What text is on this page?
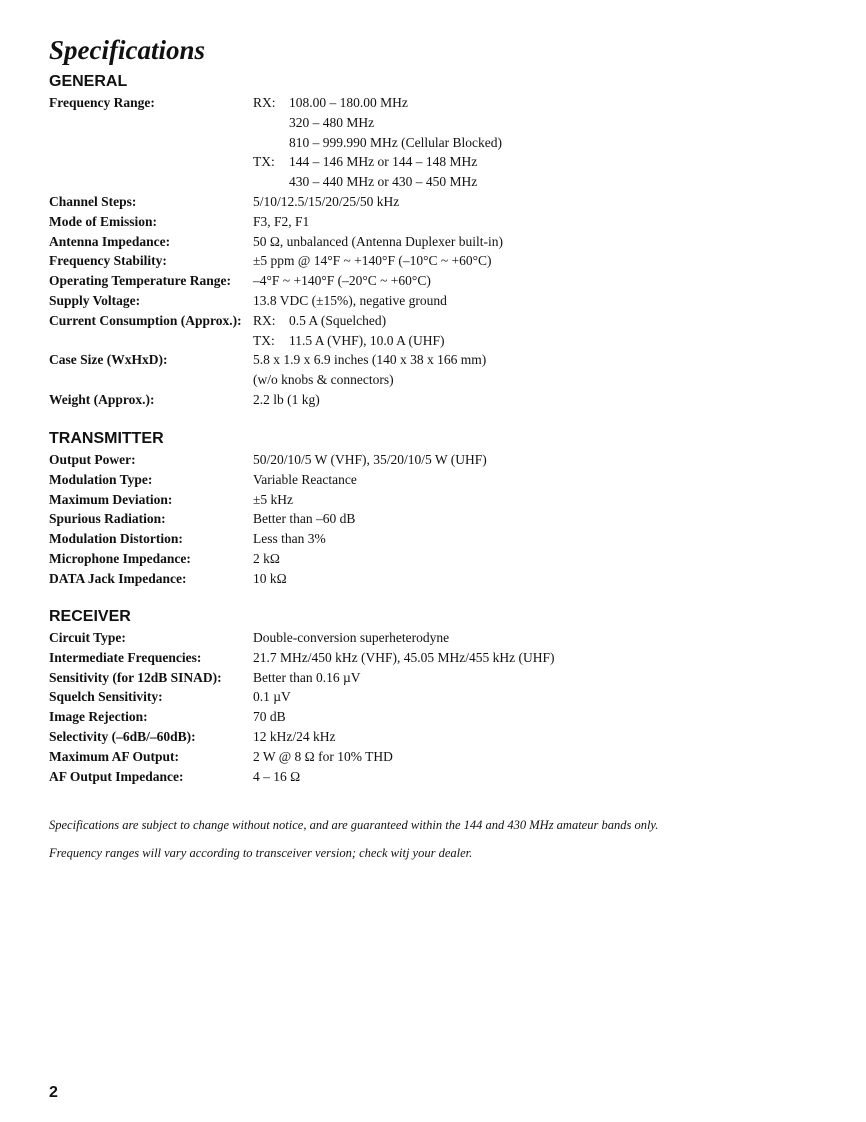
Specifications
GENERAL
Frequency Range:	RX: 108.00 – 180.00 MHz
320 – 480 MHz
810 – 999.990 MHz (Cellular Blocked)
TX:	144 – 146 MHz or 144 – 148 MHz
430 – 440 MHz or 430 – 450 MHz
Channel Steps:	5/10/12.5/15/20/25/50 kHz
Mode of Emission:	F3, F2, F1
Antenna Impedance:	50 Ω, unbalanced (Antenna Duplexer built-in)
Frequency Stability:	±5 ppm @ 14°F ~ +140°F (–10°C ~ +60°C)
Operating Temperature Range:	–4°F ~ +140°F (–20°C ~ +60°C)
Supply Voltage:	13.8 VDC (±15%), negative ground
Current Consumption (Approx.): RX: 0.5 A (Squelched)
TX:	11.5 A (VHF), 10.0 A (UHF)
Case Size (WxHxD):	5.8 x 1.9 x 6.9 inches (140 x 38 x 166 mm)
(w/o knobs & connectors)
Weight (Approx.):	2.2 lb (1 kg)
TRANSMITTER
Output Power:	50/20/10/5 W (VHF), 35/20/10/5 W (UHF)
Modulation Type:	Variable Reactance
Maximum Deviation:	±5 kHz
Spurious Radiation:	Better than –60 dB
Modulation Distortion:	Less than 3%
Microphone Impedance:	2 kΩ
DATA Jack Impedance:	10 kΩ
RECEIVER
Circuit Type:	Double-conversion superheterodyne
Intermediate Frequencies:	21.7 MHz/450 kHz (VHF), 45.05 MHz/455 kHz (UHF)
Sensitivity (for 12dB SINAD):	Better than 0.16 µV
Squelch Sensitivity:	0.1 µV
Image Rejection:	70 dB
Selectivity (–6dB/–60dB):	12 kHz/24 kHz
Maximum AF Output:	2 W @ 8 Ω for 10% THD
AF Output Impedance:	4 – 16 Ω

Specifications are subject to change without notice, and are guaranteed within the 144 and 430 MHz amateur bands only.

Frequency ranges will vary according to transceiver version; check witj your dealer.

2
